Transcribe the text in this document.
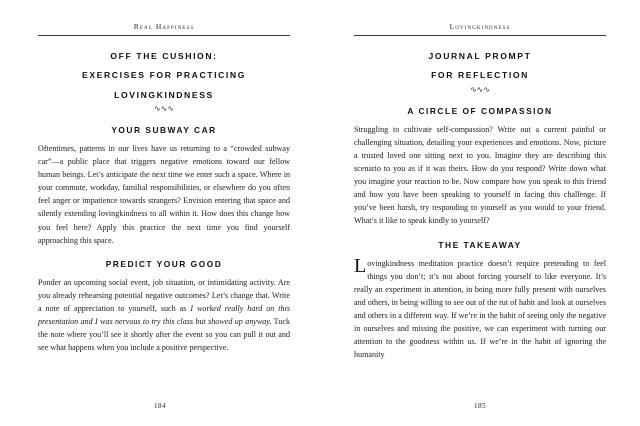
Real Happiness
OFF THE CUSHION:
EXERCISES FOR PRACTICING
LOVINGKINDNESS
∿∿∿
YOUR SUBWAY CAR

Oftentimes, patterns in our lives have us returning to a “crowded subway car”—a public place that triggers negative emotions toward our fellow human beings. Let’s anticipate the next time we enter such a space. Where in your commute, workday, familial responsibilities, or elsewhere do you often feel anger or impatience towards strangers? Envision entering that space and silently extending lovingkindness to all within it. How does this change how you feel here? Apply this practice the next time you find yourself approaching this space.

PREDICT YOUR GOOD

Ponder an upcoming social event, job situation, or intimidating activity. Are you already rehearsing potential negative outcomes? Let’s change that. Write a note of appreciation to yourself, such as I worked really hard on this presentation and I was nervous to try this class but showed up anyway. Tuck the note where you’ll see it shortly after the event so you can pull it out and see what happens when you include a positive perspective.

184
Lovingkindness
JOURNAL PROMPT
FOR REFLECTION
∿∿∿
A CIRCLE OF COMPASSION

Struggling to cultivate self-compassion? Write out a current painful or challenging situation, detailing your experiences and emotions. Now, picture a trusted loved one sitting next to you. Imagine they are describing this scenario to you as if it was theirs. How do you respond? Write down what you imagine your reaction to be. Now compare how you speak to this friend and how you have been speaking to yourself in facing this challenge. If you’ve been harsh, try responding to yourself as you would to your friend. What’s it like to speak kindly to yourself?

THE TAKEAWAY

Lovingkindness meditation practice doesn’t require pretending to feel things you don’t; it’s not about forcing yourself to like everyone. It’s really an experiment in attention, in being more fully present with ourselves and others, in being willing to see out of the rut of habit and look at ourselves and others in a different way. If we’re in the habit of seeing only the negative in ourselves and missing the positive, we can experiment with turning our attention to the goodness within us. If we’re in the habit of ignoring the humanity

185
